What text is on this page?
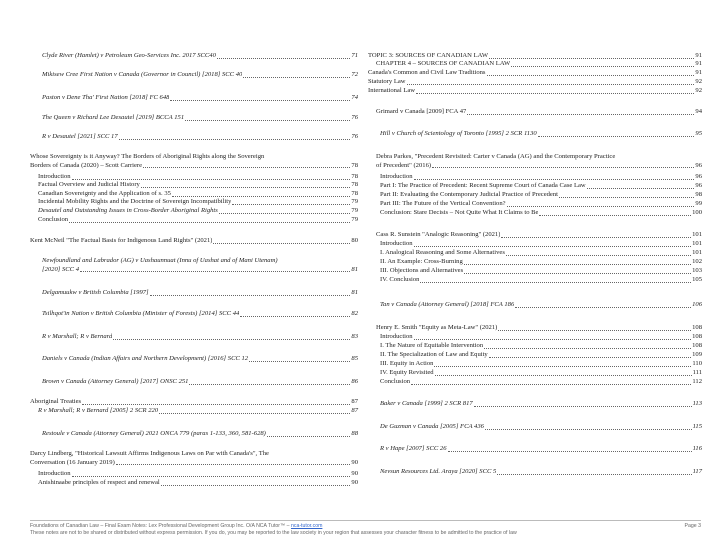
Clyde River (Hamlet) v Petroleum Geo-Services Inc. 2017 SCC40	71
Mikisew Cree First Nation v Canada (Governor in Council) [2018] SCC 40	72
Paston v Dene Tha' First Nation [2018] FC 648	74
The Queen v Richard Lee Desautel [2019] BCCA 151	76
R v Desautel [2021] SCC 17	76
Whose Sovereignty is it Anyway? The Borders of Aboriginal Rights along the Sovereign
Borders of Canada (2020) – Scott Carriere	78
Introduction	78
Factual Overview and Judicial History	78
Canadian Sovereignty and the Application of s. 35	78
Incidental Mobility Rights and the Doctrine of Sovereign Incompatibility	79
Desautel and Outstanding Issues in Cross-Border Aboriginal Rights	79
Conclusion	79
Kent McNeil "The Factual Basis for Indigenous Land Rights" (2021)	80
Newfoundland and Labrador (AG) v Uashaunnuat (Innu of Uashat and of Mani Utenam)
[2020] SCC 4	81
Delgamuukw v British Columbia [1997]	81
Tsilhqot'in Nation v British Columbia (Minister of Forests) [2014] SCC 44	82
R v Marshall; R v Bernard	83
Daniels v Canada (Indian Affairs and Northern Development) [2016] SCC 12	85
Brown v Canada (Attorney General) [2017] ONSC 251	86
Aboriginal Treaties	87
R v Marshall; R v Bernard [2005] 2 SCR 220	87
Restoule v Canada (Attorney General) 2021 ONCA 779 (paras 1-133, 360, 581-628)	88
Darcy Lindberg, "Historical Lawsuit Affirms Indigenous Laws on Par with Canada's", The
Conversation (16 January 2019)	90
Introduction	90
Anishinaabe principles of respect and renewal	90
TOPIC 3: SOURCES OF CANADIAN LAW	91
CHAPTER 4 – SOURCES OF CANADIAN LAW	91
Canada's Common and Civil Law Traditions	91
Statutory Law	92
International Law	92
Grimard v Canada [2009] FCA 47	94
Hill v Church of Scientology of Toronto [1995] 2 SCR 1130	95
Debra Parkes, "Precedent Revisited: Carter v Canada (AG) and the Contemporary Practice
of Precedent" (2016)	96
Introduction	96
Part I: The Practice of Precedent: Recent Supreme Court of Canada Case Law	96
Part II: Evaluating the Contemporary Judicial Practice of Precedent	98
Part III: The Future of the Vertical Convention?	99
Conclusion: Stare Decisis – Not Quite What It Claims to Be	100
Cass R. Sunstein "Analogic Reasoning" (2021)	101
Introduction	101
I. Analogical Reasoning and Some Alternatives	101
II. An Example: Cross-Burning	102
III. Objections and Alternatives	103
IV. Conclusion	105
Tan v Canada (Attorney General) [2018] FCA 186	106
Henry E. Smith "Equity as Meta-Law" (2021)	108
Introduction	108
I. The Nature of Equitable Intervention	108
II. The Specialization of Law and Equity	109
III. Equity in Action	110
IV. Equity Revisited	111
Conclusion	112
Baker v Canada [1999] 2 SCR 817	113
De Guzman v Canada [2005] FCA 436	115
R v Hape [2007] SCC 26	116
Nevsun Resources Ltd. Araya [2020] SCC 5	117
Foundations of Canadian Law – Final Exam Notes: Lex Professional Development Group Inc. O/A NCA Tutor™ – nca-tutor.com	Page 3
These notes are not to be shared or distributed without express permission. If you do, you may be reported to the law society in your region that assesses your character fitness to be admitted to the practice of law
